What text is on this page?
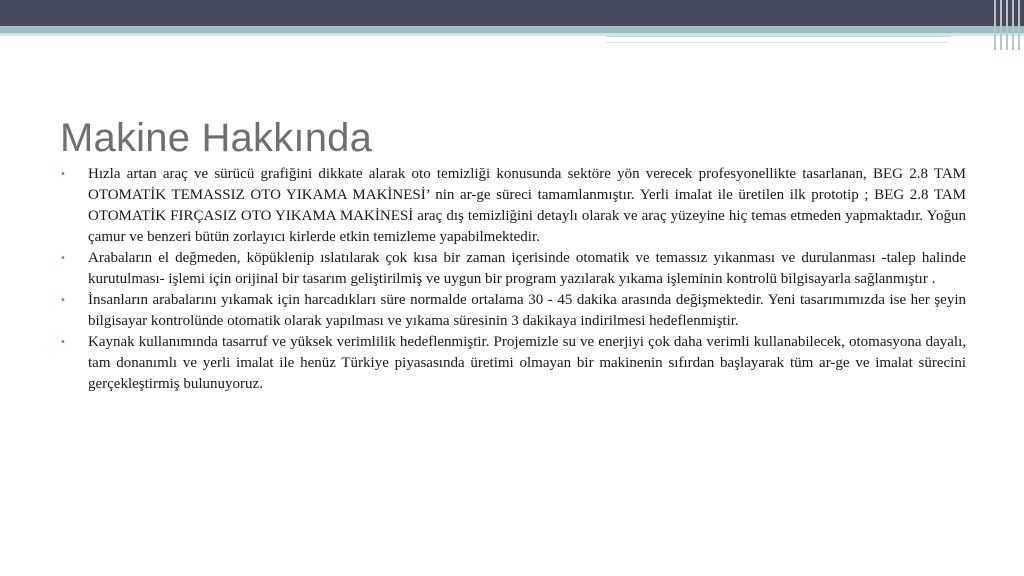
Makine Hakkında
•	Hızla artan araç ve sürücü grafiğini dikkate alarak oto temizliği konusunda sektöre yön verecek profesyonellikte tasarlanan, BEG 2.8 TAM OTOMATİK TEMASSIZ OTO YIKAMA MAKİNESİ’ nin ar-ge süreci tamamlanmıştır. Yerli imalat ile üretilen ilk prototip ; BEG 2.8 TAM OTOMATİK FIRÇASIZ OTO YIKAMA MAKİNESİ araç dış temizliğini detaylı olarak ve araç yüzeyine hiç temas etmeden yapmaktadır. Yoğun çamur ve benzeri bütün zorlayıcı kirlerde etkin temizleme yapabilmektedir.
•	Arabaların el değmeden, köpüklenip ıslatılarak çok kısa bir zaman içerisinde otomatik ve temassız yıkanması ve durulanması -talep halinde kurutulması- işlemi için orijinal bir tasarım geliştirilmiş ve uygun bir program yazılarak yıkama işleminin kontrolü bilgisayarla sağlanmıştır .
•	İnsanların arabalarını yıkamak için harcadıkları süre normalde ortalama 30 - 45 dakika arasında değişmektedir. Yeni tasarımımızda ise her şeyin bilgisayar kontrolünde otomatik olarak yapılması ve yıkama süresinin 3 dakikaya indirilmesi hedeflenmiştir.
•	Kaynak kullanımında tasarruf ve yüksek verimlilik hedeflenmiştir. Projemizle su ve enerjiyi çok daha verimli kullanabilecek, otomasyona dayalı, tam donanımlı ve yerli imalat ile henüz Türkiye piyasasında üretimi olmayan bir makinenin sıfırdan başlayarak tüm ar-ge ve imalat sürecini gerçekleştirmiş bulunuyoruz.
